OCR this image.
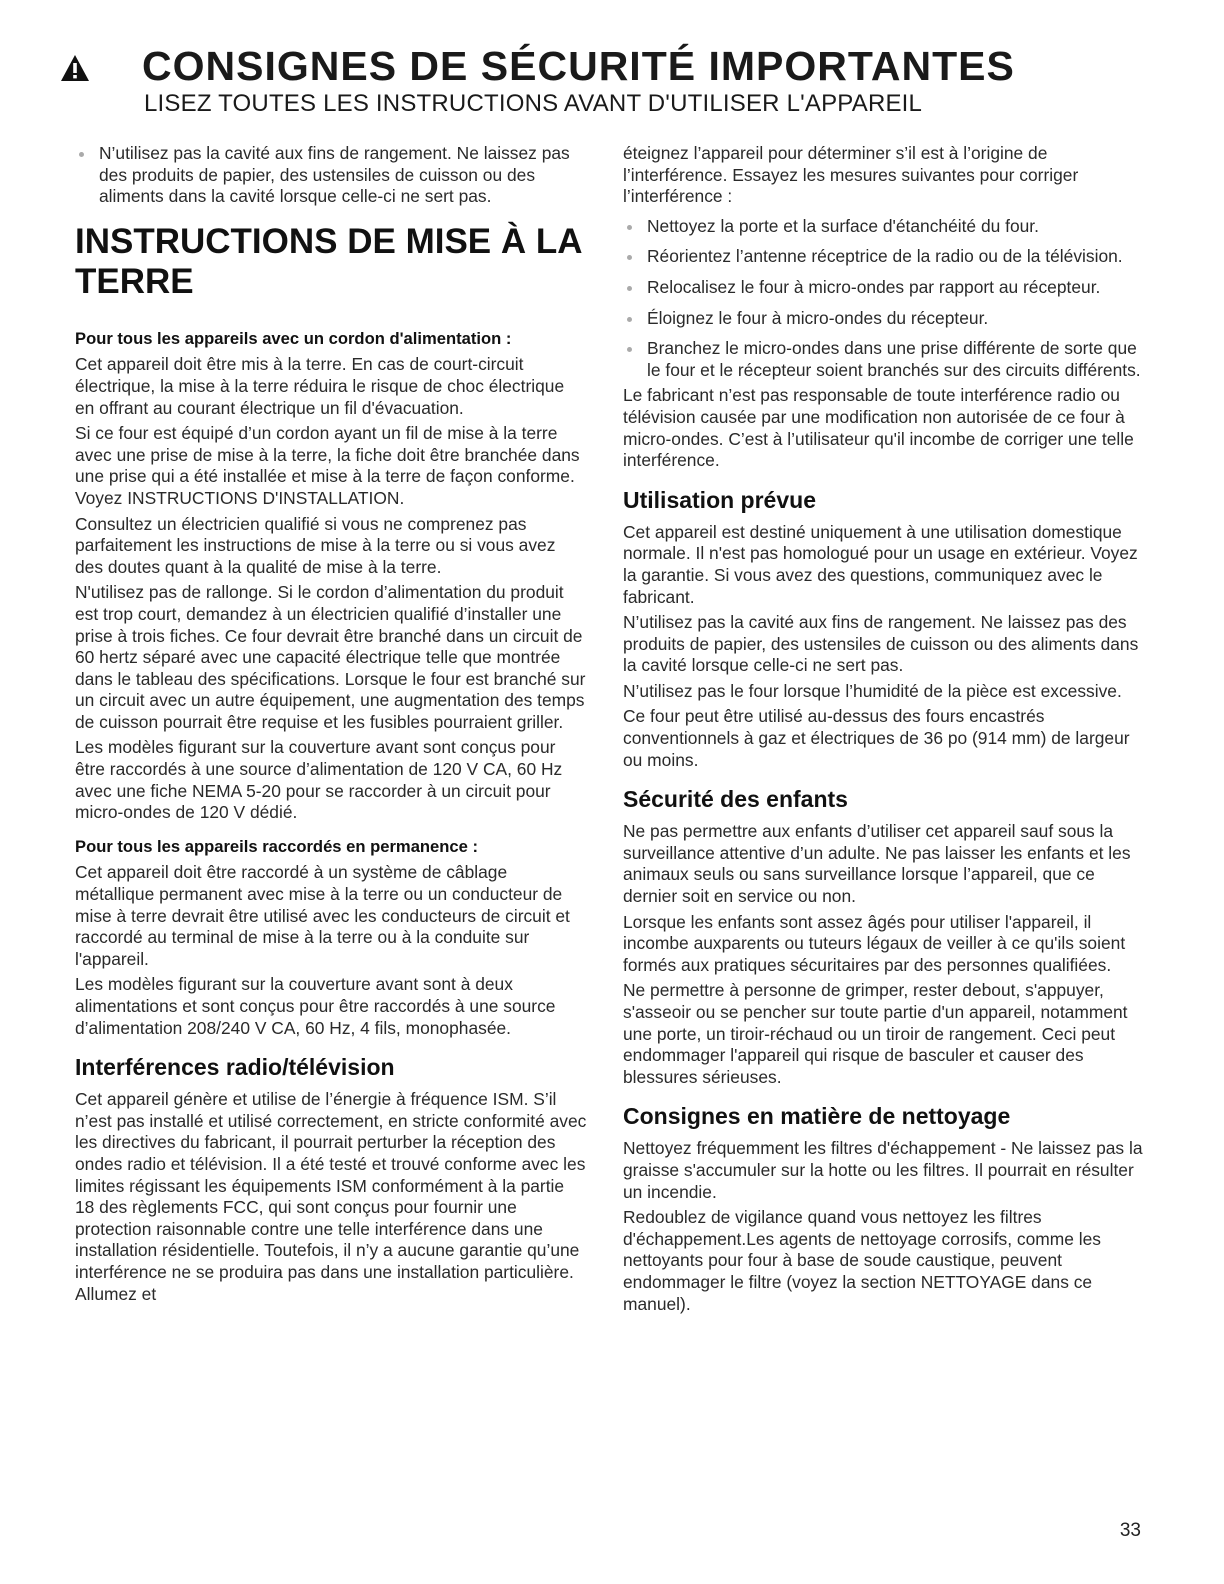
CONSIGNES DE SÉCURITÉ IMPORTANTES
LISEZ TOUTES LES INSTRUCTIONS AVANT D'UTILISER L'APPAREIL
N’utilisez pas la cavité aux fins de rangement. Ne laissez pas des produits de papier, des ustensiles de cuisson ou des aliments dans la cavité lorsque celle-ci ne sert pas.
INSTRUCTIONS DE MISE À LA TERRE
Pour tous les appareils avec un cordon d'alimentation :

Cet appareil doit être mis à la terre. En cas de court-circuit électrique, la mise à la terre réduira le risque de choc électrique en offrant au courant électrique un fil d'évacuation.

Si ce four est équipé d’un cordon ayant un fil de mise à la terre avec une prise de mise à la terre, la fiche doit être branchée dans une prise qui a été installée et mise à la terre de façon conforme. Voyez INSTRUCTIONS D'INSTALLATION.

Consultez un électricien qualifié si vous ne comprenez pas parfaitement les instructions de mise à la terre ou si vous avez des doutes quant à la qualité de mise à la terre.

N'utilisez pas de rallonge. Si le cordon d’alimentation du produit est trop court, demandez à un électricien qualifié d’installer une prise à trois fiches. Ce four devrait être branché dans un circuit de 60 hertz séparé avec une capacité électrique telle que montrée dans le tableau des spécifications. Lorsque le four est branché sur un circuit avec un autre équipement, une augmentation des temps de cuisson pourrait être requise et les fusibles pourraient griller.

Les modèles figurant sur la couverture avant sont conçus pour être raccordés à une source d’alimentation de 120 V CA, 60 Hz avec une fiche NEMA 5-20 pour se raccorder à un circuit pour micro-ondes de 120 V dédié.

Pour tous les appareils raccordés en permanence :

Cet appareil doit être raccordé à un système de câblage métallique permanent avec mise à la terre ou un conducteur de mise à terre devrait être utilisé avec les conducteurs de circuit et raccordé au terminal de mise à la terre ou à la conduite sur l'appareil.

Les modèles figurant sur la couverture avant sont à deux alimentations et sont conçus pour être raccordés à une source d’alimentation 208/240 V CA, 60 Hz, 4 fils, monophasée.

Interférences radio/télévision

Cet appareil génère et utilise de l’énergie à fréquence ISM. S’il n’est pas installé et utilisé correctement, en stricte conformité avec les directives du fabricant, il pourrait perturber la réception des ondes radio et télévision. Il a été testé et trouvé conforme avec les limites régissant les équipements ISM conformément à la partie 18 des règlements FCC, qui sont conçus pour fournir une protection raisonnable contre une telle interférence dans une installation résidentielle. Toutefois, il n’y a aucune garantie qu’une interférence ne se produira pas dans une installation particulière. Allumez et

éteignez l’appareil pour déterminer s’il est à l’origine de l’interférence. Essayez les mesures suivantes pour corriger l’interférence :

Nettoyez la porte et la surface d'étanchéité du four.
Réorientez l’antenne réceptrice de la radio ou de la télévision.
Relocalisez le four à micro-ondes par rapport au récepteur.
Éloignez le four à micro-ondes du récepteur.
Branchez le micro-ondes dans une prise différente de sorte que le four et le récepteur soient branchés sur des circuits différents.

Le fabricant n’est pas responsable de toute interférence radio ou télévision causée par une modification non autorisée de ce four à micro-ondes. C’est à l’utilisateur qu'il incombe de corriger une telle interférence.

Utilisation prévue

Cet appareil est destiné uniquement à une utilisation domestique normale. Il n'est pas homologué pour un usage en extérieur. Voyez la garantie. Si vous avez des questions, communiquez avec le fabricant.

N’utilisez pas la cavité aux fins de rangement. Ne laissez pas des produits de papier, des ustensiles de cuisson ou des aliments dans la cavité lorsque celle-ci ne sert pas.

N’utilisez pas le four lorsque l’humidité de la pièce est excessive.

Ce four peut être utilisé au-dessus des fours encastrés conventionnels à gaz et électriques de 36 po (914 mm) de largeur ou moins.

Sécurité des enfants

Ne pas permettre aux enfants d’utiliser cet appareil sauf sous la surveillance attentive d’un adulte. Ne pas laisser les enfants et les animaux seuls ou sans surveillance lorsque l’appareil, que ce dernier soit en service ou non.

Lorsque les enfants sont assez âgés pour utiliser l'appareil, il incombe auxparents ou tuteurs légaux de veiller à ce qu'ils soient formés aux pratiques sécuritaires par des personnes qualifiées.

Ne permettre à personne de grimper, rester debout, s'appuyer, s'asseoir ou se pencher sur toute partie d'un appareil, notamment une porte, un tiroir-réchaud ou un tiroir de rangement. Ceci peut endommager l'appareil qui risque de basculer et causer des blessures sérieuses.

Consignes en matière de nettoyage

Nettoyez fréquemment les filtres d'échappement - Ne laissez pas la graisse s'accumuler sur la hotte ou les filtres. Il pourrait en résulter un incendie.

Redoublez de vigilance quand vous nettoyez les filtres d'échappement.Les agents de nettoyage corrosifs, comme les nettoyants pour four à base de soude caustique, peuvent endommager le filtre (voyez la section NETTOYAGE dans ce manuel).

33
